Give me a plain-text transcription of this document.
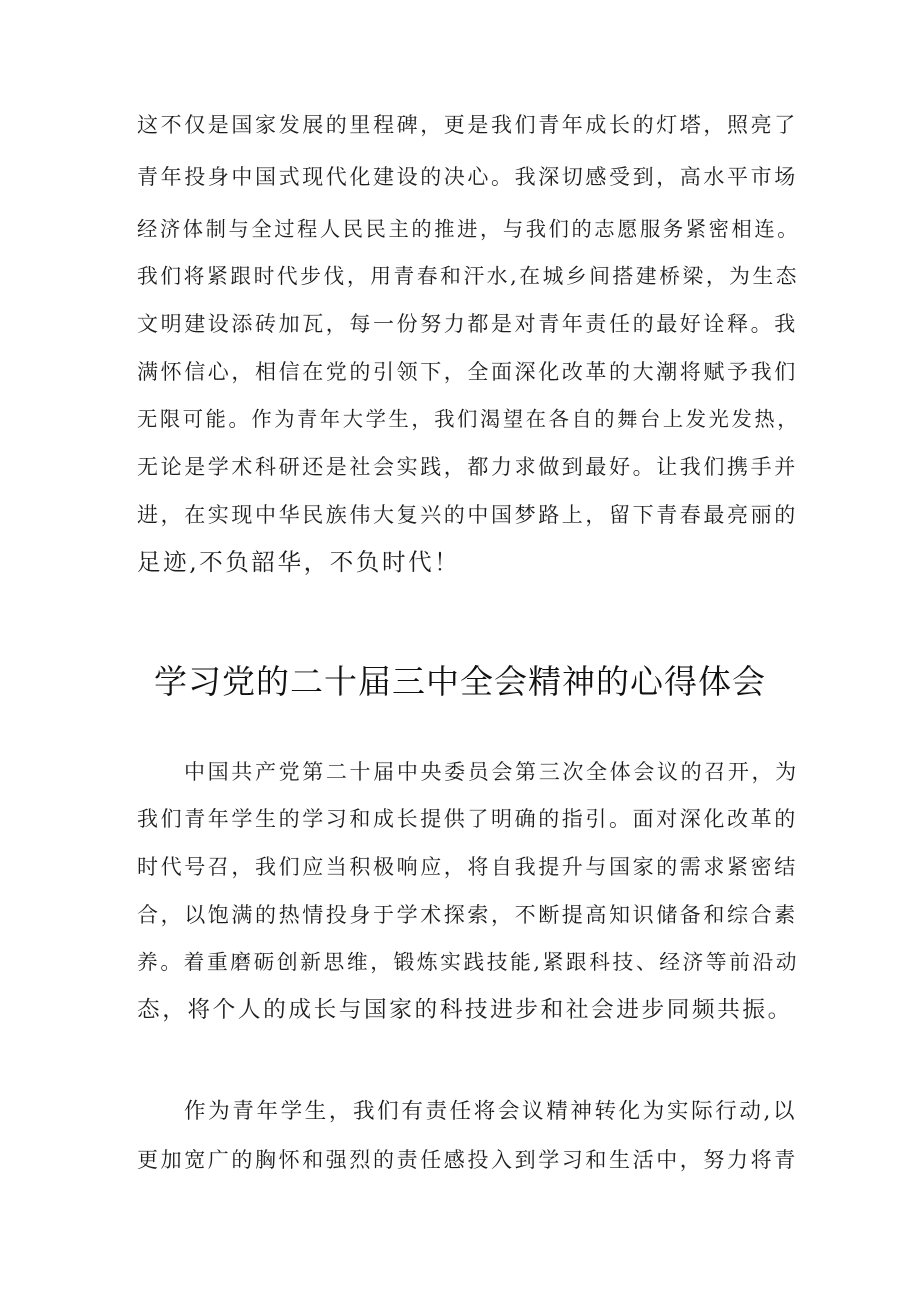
这不仅是国家发展的里程碑，更是我们青年成长的灯塔，照亮了
青年投身中国式现代化建设的决心。我深切感受到，高水平市场
经济体制与全过程人民民主的推进，与我们的志愿服务紧密相连。
我们将紧跟时代步伐，用青春和汗水,在城乡间搭建桥梁，为生态
文明建设添砖加瓦，每一份努力都是对青年责任的最好诠释。我
满怀信心，相信在党的引领下，全面深化改革的大潮将赋予我们
无限可能。作为青年大学生，我们渴望在各自的舞台上发光发热，
无论是学术科研还是社会实践，都力求做到最好。让我们携手并
进，在实现中华民族伟大复兴的中国梦路上，留下青春最亮丽的
足迹,不负韶华，不负时代！
学习党的二十届三中全会精神的心得体会
中国共产党第二十届中央委员会第三次全体会议的召开，为
我们青年学生的学习和成长提供了明确的指引。面对深化改革的
时代号召，我们应当积极响应，将自我提升与国家的需求紧密结
合，以饱满的热情投身于学术探索，不断提高知识储备和综合素
养。着重磨砺创新思维，锻炼实践技能,紧跟科技、经济等前沿动
态，将个人的成长与国家的科技进步和社会进步同频共振。
作为青年学生，我们有责任将会议精神转化为实际行动,以
更加宽广的胸怀和强烈的责任感投入到学习和生活中，努力将青
